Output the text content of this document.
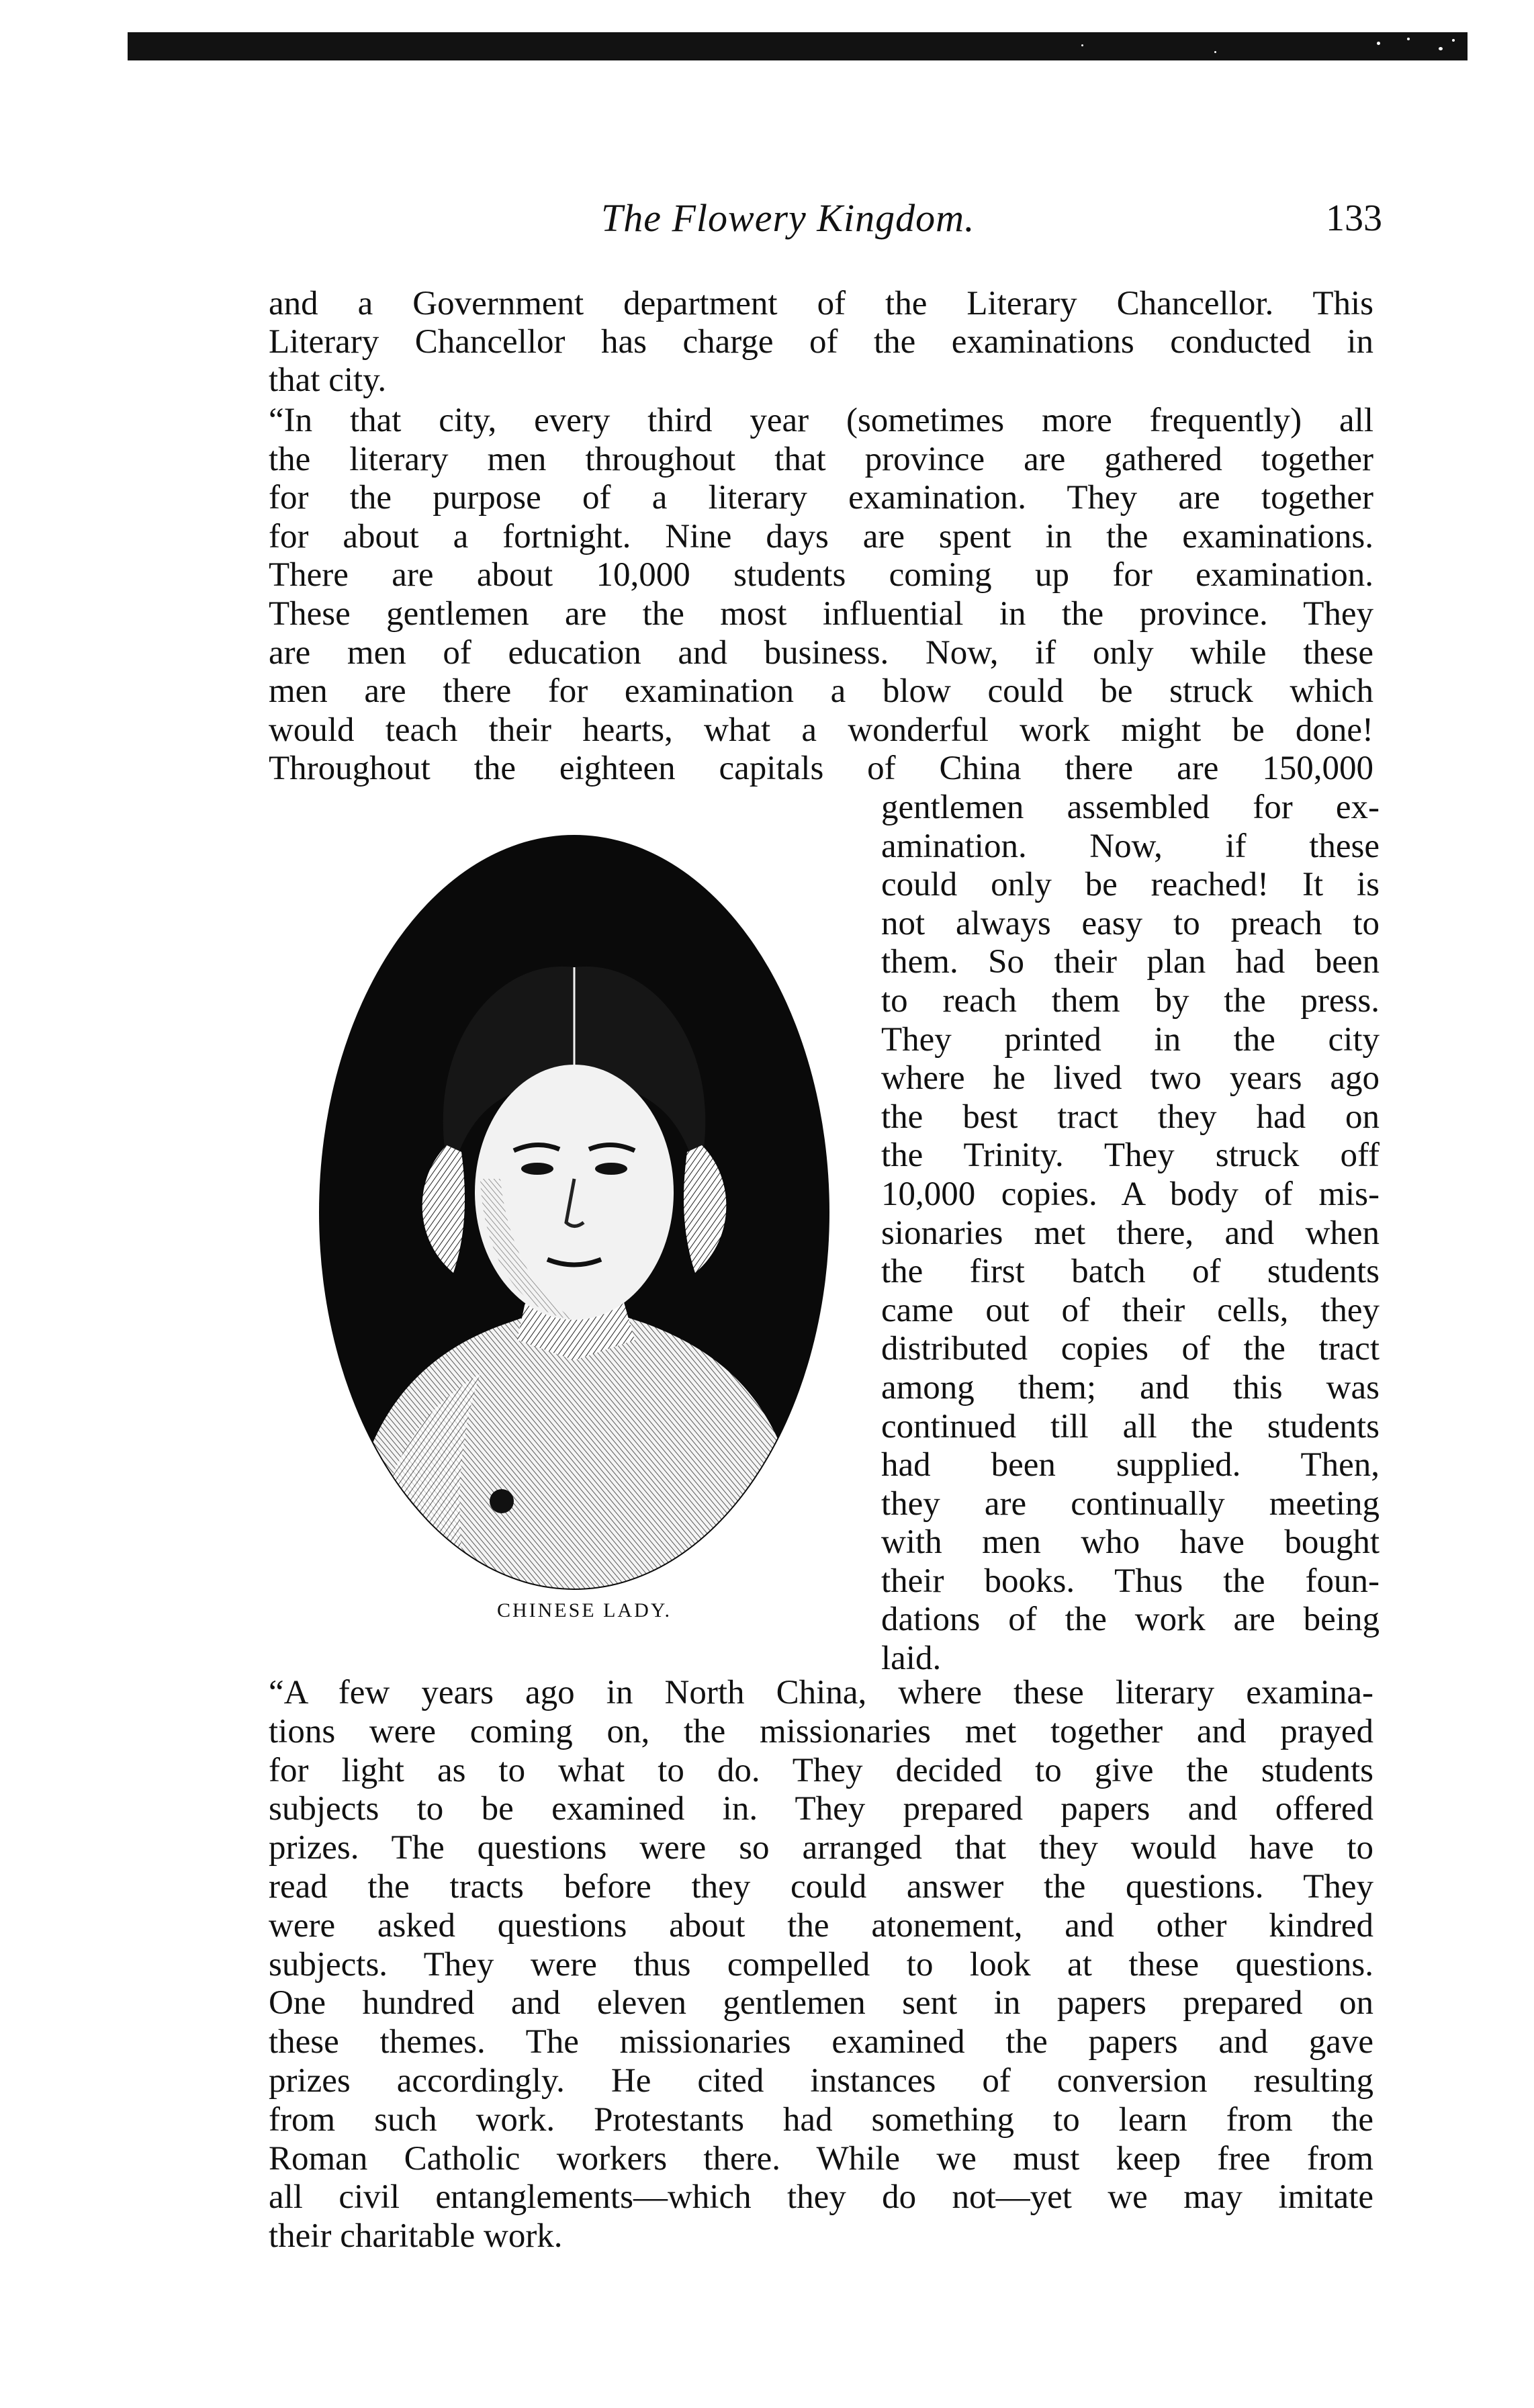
The Flowery Kingdom.	133
and a Government department of the Literary Chancellor. This
Literary Chancellor has charge of the examinations conducted in
that city.
“In that city, every third year (sometimes more frequently) all
the literary men throughout that province are gathered together
for the purpose of a literary examination. They are together
for about a fortnight. Nine days are spent in the examinations.
There are about 10,000 students coming up for examination.
These gentlemen are the most influential in the province. They
are men of education and business. Now, if only while these
men are there for examination a blow could be struck which
would teach their hearts, what a wonderful work might be done!
Throughout the eighteen capitals of China there are 150,000
gentlemen assembled for ex-
amination. Now, if these
could only be reached! It is
not always easy to preach to
them. So their plan had been
to reach them by the press.
They printed in the city
where he lived two years ago
the best tract they had on
the Trinity. They struck off
10,000 copies. A body of mis-
sionaries met there, and when
the first batch of students
came out of their cells, they
distributed copies of the tract
among them; and this was
continued till all the students
had been supplied. Then,
they are continually meeting
with men who have bought
their books. Thus the foun-
dations of the work are being
laid.
CHINESE LADY.
“A few years ago in North China, where these literary examina-
tions were coming on, the missionaries met together and prayed
for light as to what to do. They decided to give the students
subjects to be examined in. They prepared papers and offered
prizes. The questions were so arranged that they would have to
read the tracts before they could answer the questions. They
were asked questions about the atonement, and other kindred
subjects. They were thus compelled to look at these questions.
One hundred and eleven gentlemen sent in papers prepared on
these themes. The missionaries examined the papers and gave
prizes accordingly. He cited instances of conversion resulting
from such work. Protestants had something to learn from the
Roman Catholic workers there. While we must keep free from
all civil entanglements—which they do not—yet we may imitate
their charitable work.
